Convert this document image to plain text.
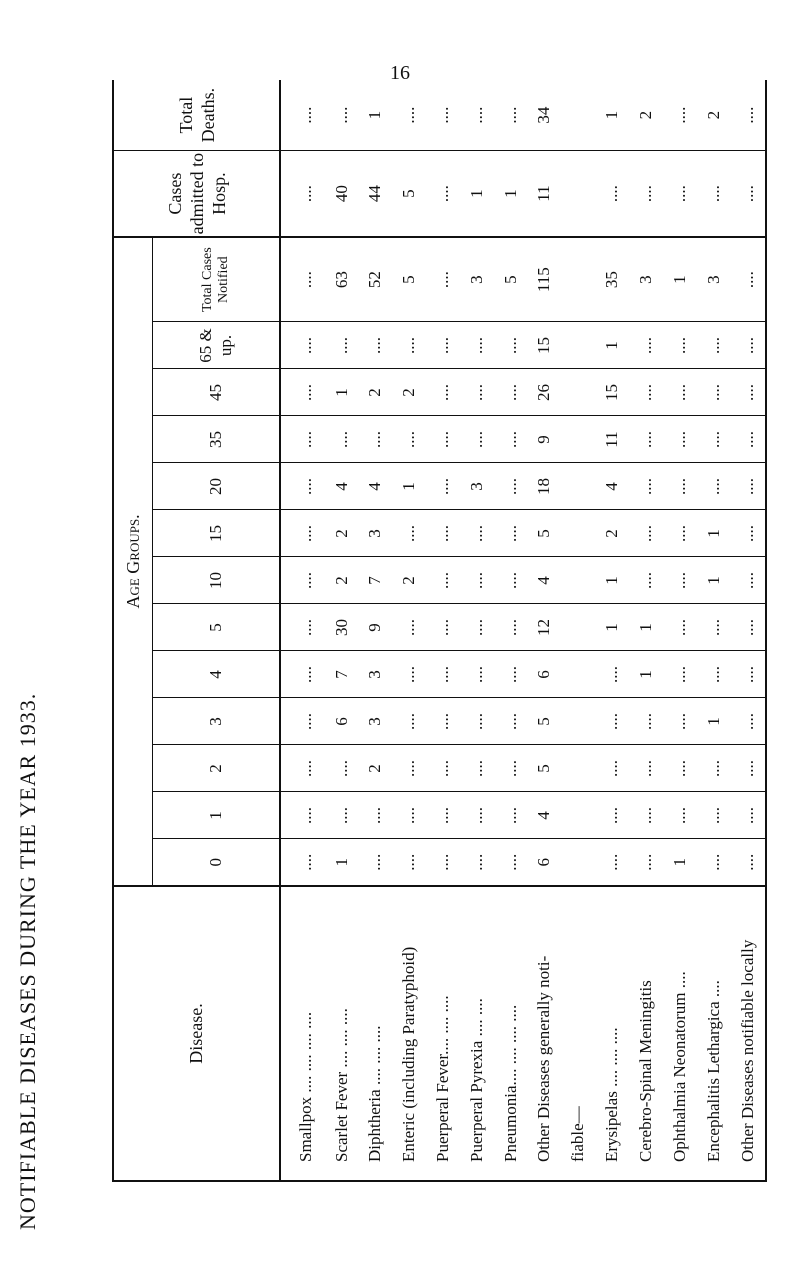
16
NOTIFIABLE DISEASES DURING THE YEAR 1933.	Disease.	Age Groups.													Cases admitted to Hosp.	Total Deaths.
	0	1	2	3	4	5	10	15	20	35	45	65 & up.	Total Cases Notified		
Smallpox .... .... .... ....	....	....	....	....	....	....	....	....	....	....	....	....	....	....	....
Scarlet Fever .... .... ....	1	....	....	6	7	30	2	2	4	....	1	....	63	40	....
Diphtheria .... .... ....	....	....	2	3	3	9	7	3	4	....	2	....	52	44	1
Enteric (including Paratyphoid)	....	....	....	....	....	....	2	....	1	....	2	....	5	5	....
Puerperal Fever.... .... ....	....	....	....	....	....	....	....	....	....	....	....	....	....	....	....
Puerperal Pyrexia .... ....	....	....	....	....	....	....	....	....	3	....	....	....	3	1	....
Pneumonia.... .... .... ....	....	....	....	....	....	....	....	....	....	....	....	....	5	1	....
Other Diseases generally noti-	6	4	5	5	6	12	4	5	18	9	26	15	115	11	34
fiable—															
Erysipelas .... .... ....	....	....	....	....	....	1	1	2	4	11	15	1	35	....	1
Cerebro-Spinal Meningitis	....	....	....	....	1	1	....	....	....	....	....	....	3	....	2
Ophthalmia Neonatorum ....	1	....	....	....	....	....	....	....	....	....	....	....	1	....	....
Encephalitis Lethargica ....	....	....	....	1	....	....	1	1	....	....	....	....	3	....	2
Other Diseases notifiable locally	....	....	....	....	....	....	....	....	....	....	....	....	....	....	....
